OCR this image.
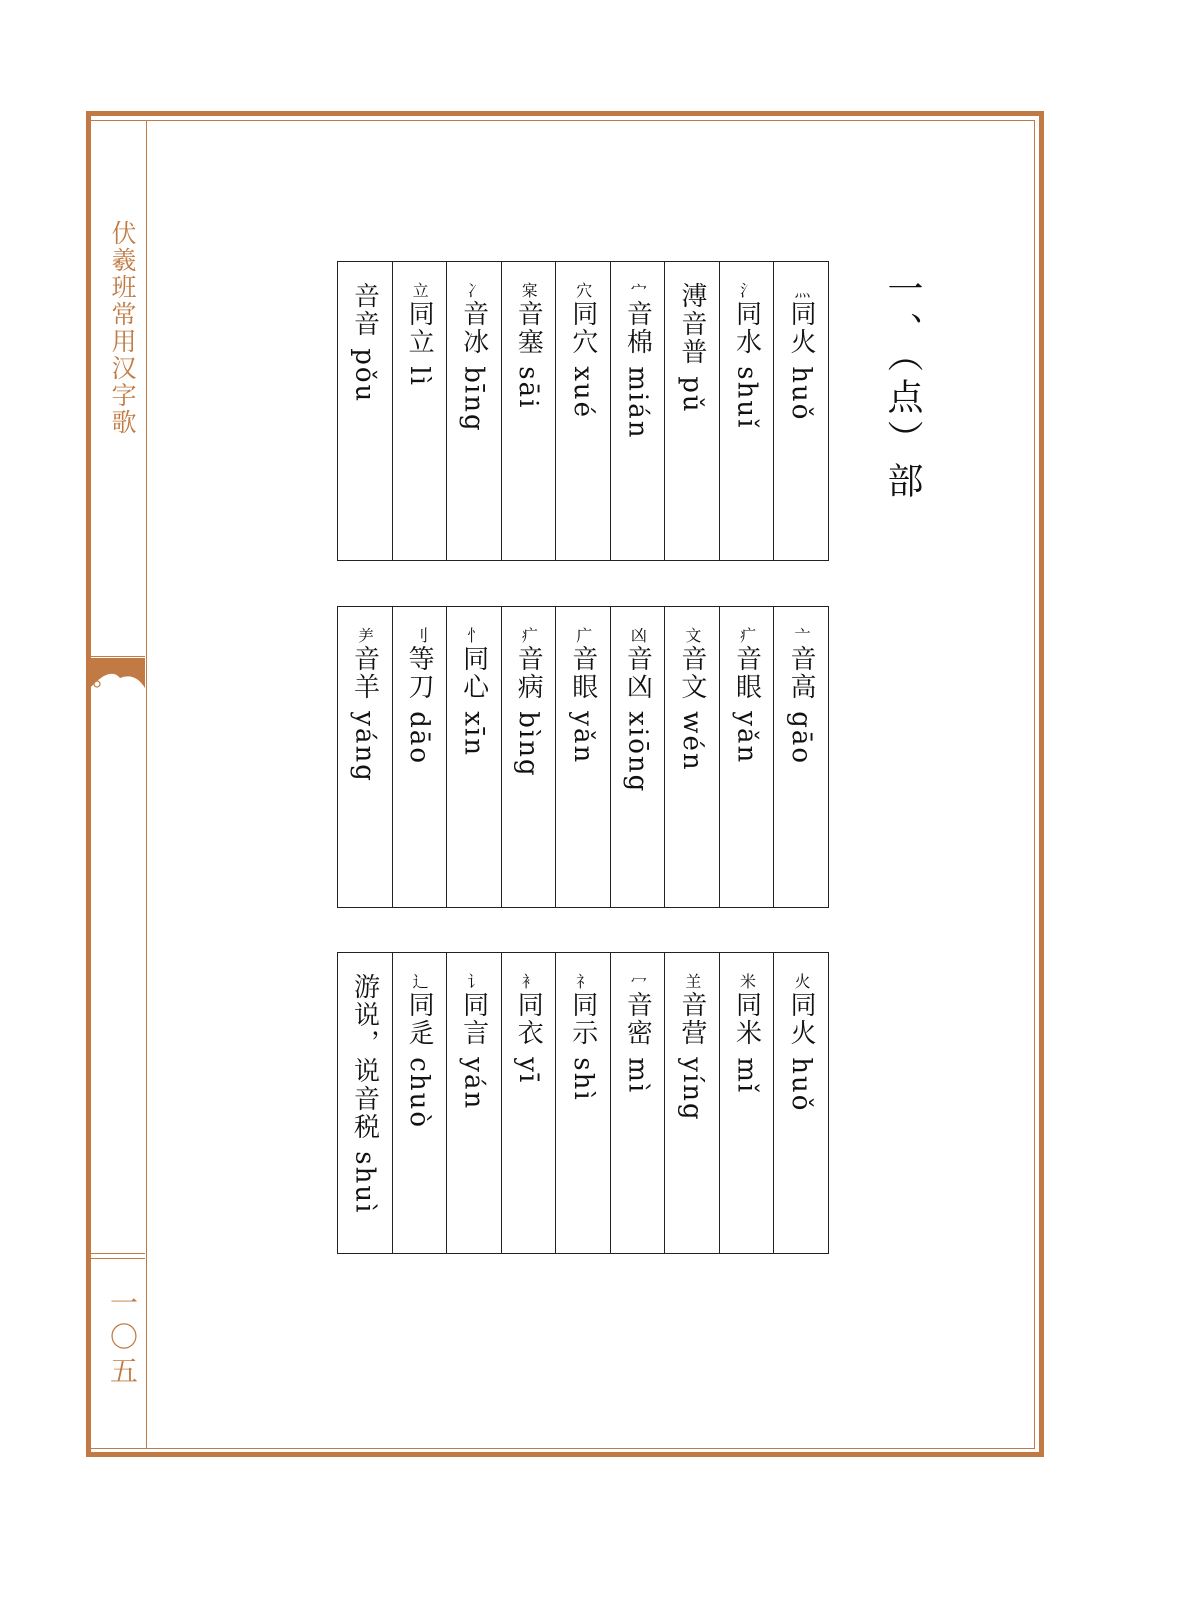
伏羲班常用汉字歌
一〇五
一、（点）部
灬同火 huǒ
氵同水 shuǐ
溥音普 pǔ
宀音棉 mián
穴同穴 xué
宲音塞 sāi
冫音冰 bīng
立同立 lì
咅音 pǒu
亠音高 gāo
疒音眼 yǎn
文音文 wén
凶音凶 xiōng
广音眼 yǎn
疒音病 bìng
忄同心 xīn
刂等刀 dāo
⺶音羊 yáng
火同火 huǒ
米同米 mǐ
𦍌音营 yíng
冖音密 mì
礻同示 shì
衤同衣 yī
讠同言 yán
辶同辵 chuò
游说，说音税 shuì
